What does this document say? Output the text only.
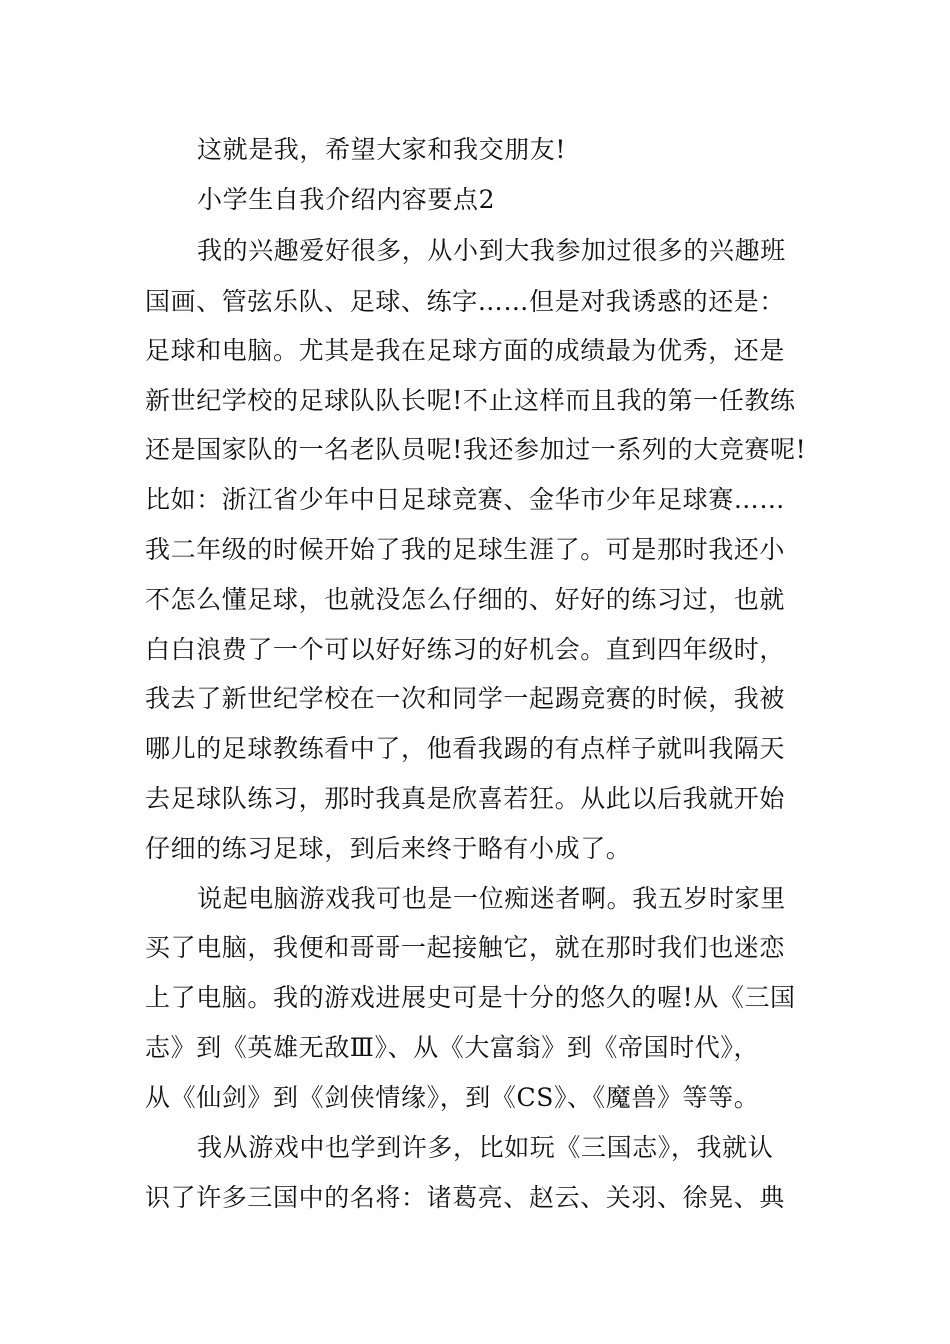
这就是我，希望大家和我交朋友!
小学生自我介绍内容要点2
我的兴趣爱好很多，从小到大我参加过很多的兴趣班
国画、管弦乐队、足球、练字……但是对我诱惑的还是：
足球和电脑。尤其是我在足球方面的成绩最为优秀，还是
新世纪学校的足球队队长呢!不止这样而且我的第一任教练
还是国家队的一名老队员呢!我还参加过一系列的大竞赛呢!
比如：浙江省少年中日足球竞赛、金华市少年足球赛……
我二年级的时候开始了我的足球生涯了。可是那时我还小
不怎么懂足球，也就没怎么仔细的、好好的练习过，也就
白白浪费了一个可以好好练习的好机会。直到四年级时，
我去了新世纪学校在一次和同学一起踢竞赛的时候，我被
哪儿的足球教练看中了，他看我踢的有点样子就叫我隔天
去足球队练习，那时我真是欣喜若狂。从此以后我就开始
仔细的练习足球，到后来终于略有小成了。
说起电脑游戏我可也是一位痴迷者啊。我五岁时家里
买了电脑，我便和哥哥一起接触它，就在那时我们也迷恋
上了电脑。我的游戏进展史可是十分的悠久的喔!从《三国
志》到《英雄无敌Ⅲ》、从《大富翁》到《帝国时代》，
从《仙剑》到《剑侠情缘》，到《CS》、《魔兽》等等。
我从游戏中也学到许多，比如玩《三国志》，我就认
识了许多三国中的名将：诸葛亮、赵云、关羽、徐晃、典
